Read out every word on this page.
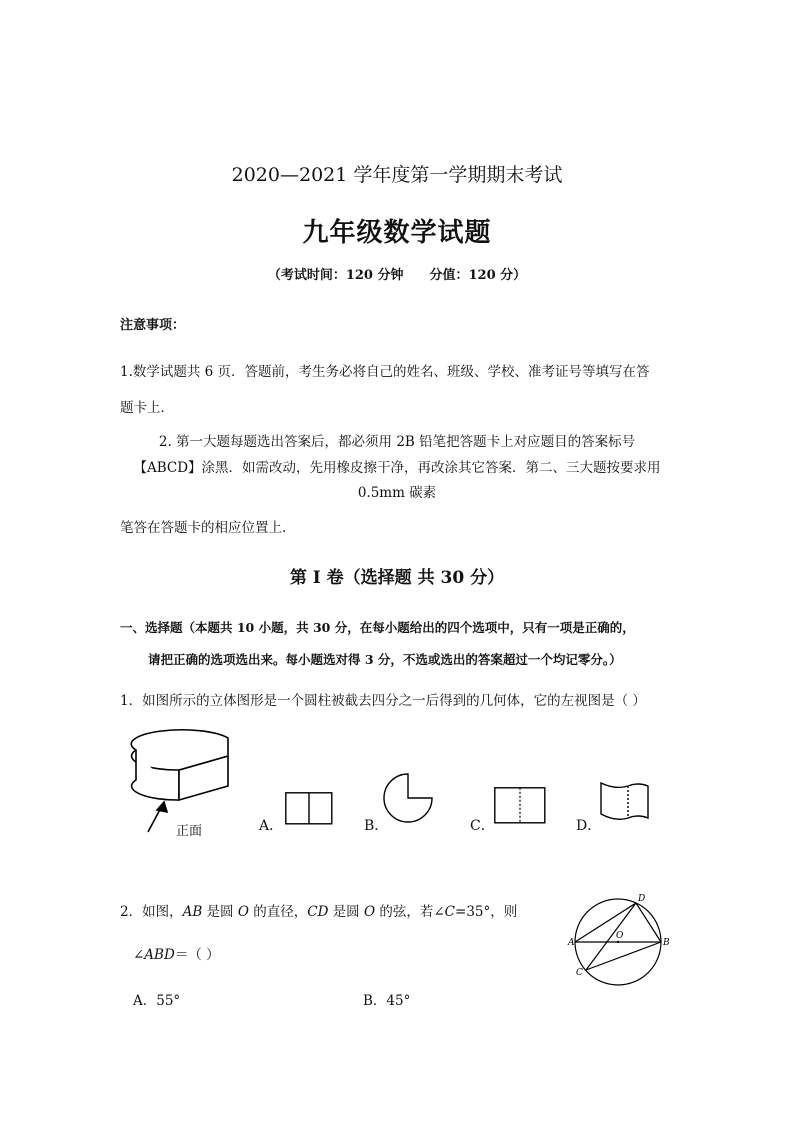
2020—2021 学年度第一学期期末考试
九年级数学试题
（考试时间：120 分钟 分值：120 分）
注意事项：
1.数学试题共 6 页．答题前，考生务必将自己的姓名、班级、学校、准考证号等填写在答
题卡上．
2. 第一大题每题选出答案后，都必须用 2B 铅笔把答题卡上对应题目的答案标号
【ABCD】涂黑．如需改动，先用橡皮擦干净，再改涂其它答案．第二、三大题按要求用
0.5mm 碳素
笔答在答题卡的相应位置上.
第 I 卷（选择题 共 30 分）
一、选择题（本题共 10 小题，共 30 分，在每小题给出的四个选项中，只有一项是正确的，
请把正确的选项选出来。每小题选对得 3 分，不选或选出的答案超过一个均记零分。）
1．如图所示的立体图形是一个圆柱被截去四分之一后得到的几何体，它的左视图是（ ）
正面	A．	B．	C．	D．
2．如图，AB 是圆 O 的直径，CD 是圆 O 的弦，若∠C=35°，则
∠ABD＝（ ）
A．55°	B．45°
A	B
C
D
O
